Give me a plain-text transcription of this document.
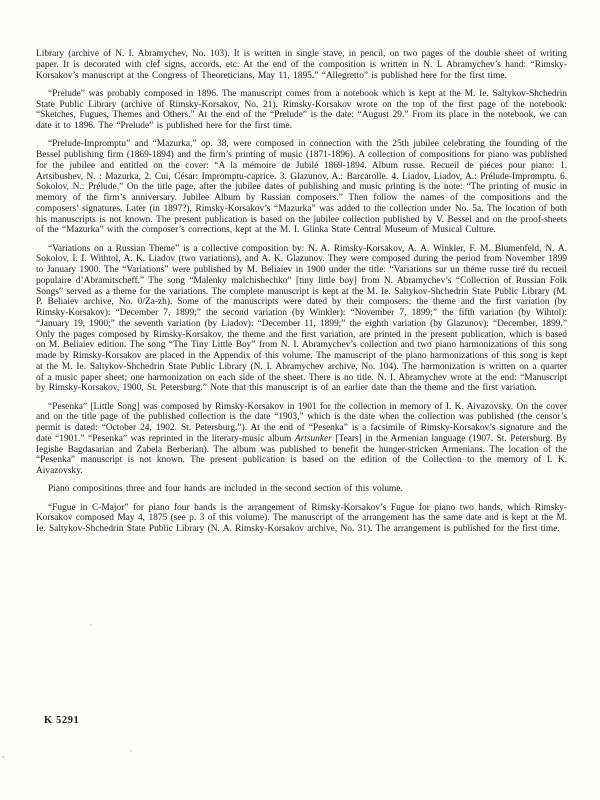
Library (archive of N. I. Abramychev, No. 103). It is written in single stave, in pencil, on two pages of the double sheet of writing paper. It is decorated with clef signs, accords, etc. At the end of the composition is written in N. I. Abramychev’s hand: “Rimsky-Korsakov’s manuscript at the Congress of Theoreticians, May 11, 1895.” “Allegretto” is published here for the first time.

“Prelude” was probably composed in 1896. The manuscript comes from a notebook which is kept at the M. Ie. Saltykov-Shchedrin State Public Library (archive of Rimsky-Korsakov, No. 21). Rimsky-Korsakov wrote on the top of the first page of the notebook: “Sketches, Fugues, Themes and Others.” At the end of the “Prelude” is the date: “August 29.” From its place in the notebook, we can date it to 1896. The “Prelude” is published here for the first time.

“Prelude-Impromptu” and “Mazurka,” op. 38, were composed in connection with the 25th jubilee celebrating the founding of the Bessel publishing firm (1869-1894) and the firm’s printing of music (1871-1896). A collection of compositions for piano was published for the jubilee and entitled on the cover: “A la mémoire de Jubilé 1869-1894. Album russe. Recueil de piéces pour piano: 1. Artsibushev, N. : Mazurka, 2. Cui, César: Impromptu-caprice. 3. Glazunov, A.: Barcarolle. 4. Liadov, Liadov, A.: Prélude-Impromptu. 6. Sokolov, N.: Prélude.” On the title page, after the jubilee dates of publishing and music printing is the note: “The printing of music in memory of the firm’s anniversary. Jubilee Album by Russian composers.” Then follow the names of the compositions and the composers’ signatures. Later (in 1897?), Rimsky-Korsakov’s “Mazurka” was added to the collection under No. 5a. The location of both his manuscripts is not known. The present publication is based on the jubilee collection published by V. Bessel and on the proof-sheets of the “Mazurka” with the composer’s corrections, kept at the M. I. Glinka State Central Museum of Musical Culture.

“Variations on a Russian Theme” is a collective composition by: N. A. Rimsky-Korsakov, A. A. Winkler, F. M. Blumenfeld, N. A. Sokolov, I. I. Withtol, A. K. Liadov (two variations), and A. K. Glazunov. They were composed during the period from November 1899 to January 1900. The “Variations” were published by M. Beliaiev in 1900 under the title: “Variations sur un théme russe tiré du recueil populaire d’Abramitscheff.” The song “Malenky malchishechko” [tiny little boy] from N. Abramychev’s “Collection of Russian Folk Songs” served as a theme for the variations. The complete manuscript is kept at the M. Ie. Saltykov-Shchedrin State Public Library (M. P. Beliaiev archive, No. 0/Za-zh). Some of the manuscripts were dated by their composers: the theme and the first variation (by Rimsky-Korsakov): “December 7, 1899;” the second variation (by Winkler): “November 7, 1899;” the fifth variation (by Wihtol): “January 19, 1900;” the seventh variation (by Liadov): “December 11, 1899;” the eighth variation (by Glazunov): “December, 1899.” Only the pages composed by Rimsky-Korsakov, the theme and the first variation, are printed in the present publication, which is based on M. Beliaiev edition. The song “The Tiny Little Boy” from N. I. Abramychev’s collection and two piano harmonizations of this song made by Rimsky-Korsakov are placed in the Appendix of this volume. The manuscript of the piano harmonizations of this song is kept at the M. Ie. Saltykov-Shchedrin State Public Library (N. I. Abramychev archive, No. 104). The harmonization is written on a quarter of a music paper sheet; one harmonization on each side of the sheet. There is no title. N. I. Abramychev wrote at the end: “Manuscript by Rimsky-Korsakov, 1900, St. Petersburg.” Note that this manuscript is of an earlier date than the theme and the first variation.

“Pesenka” [Little Song] was composed by Rimsky-Korsakov in 1901 for the collection in memory of I. K. Aivazovsky. On the cover and on the title page of the published collection is the date “1903,” which is the date when the collection was published (the censor’s permit is dated: “October 24, 1902. St. Petersburg.”). At the end of “Pesenka” is a facsimile of Rimsky-Korsakov’s signature and the date “1901.” “Pesenka” was reprinted in the literary-music album Artsunker [Tears] in the Armenian language (1907. St. Petersburg. By Iegishe Bagdasarian and Zabela Berberian). The album was published to benefit the hunger-stricken Armenians. The location of the “Pesenka” manuscript is not known. The present publication is based on the edition of the Collection to the memory of I. K. Aivazovsky.

Piano compositions three and four hands are included in the second section of this volume.

“Fugue in C-Major” for piano four hands is the arrangement of Rimsky-Korsakov’s Fugue for piano two hands, which Rimsky-Korsakov composed May 4, 1875 (see p. 3 of this volume). The manuscript of the arrangement has the same date and is kept at the M. Ie. Saltykov-Shchedrin State Public Library (N. A. Rimsky-Korsakov archive, No. 31). The arrangement is published for the first time.

K 5291
